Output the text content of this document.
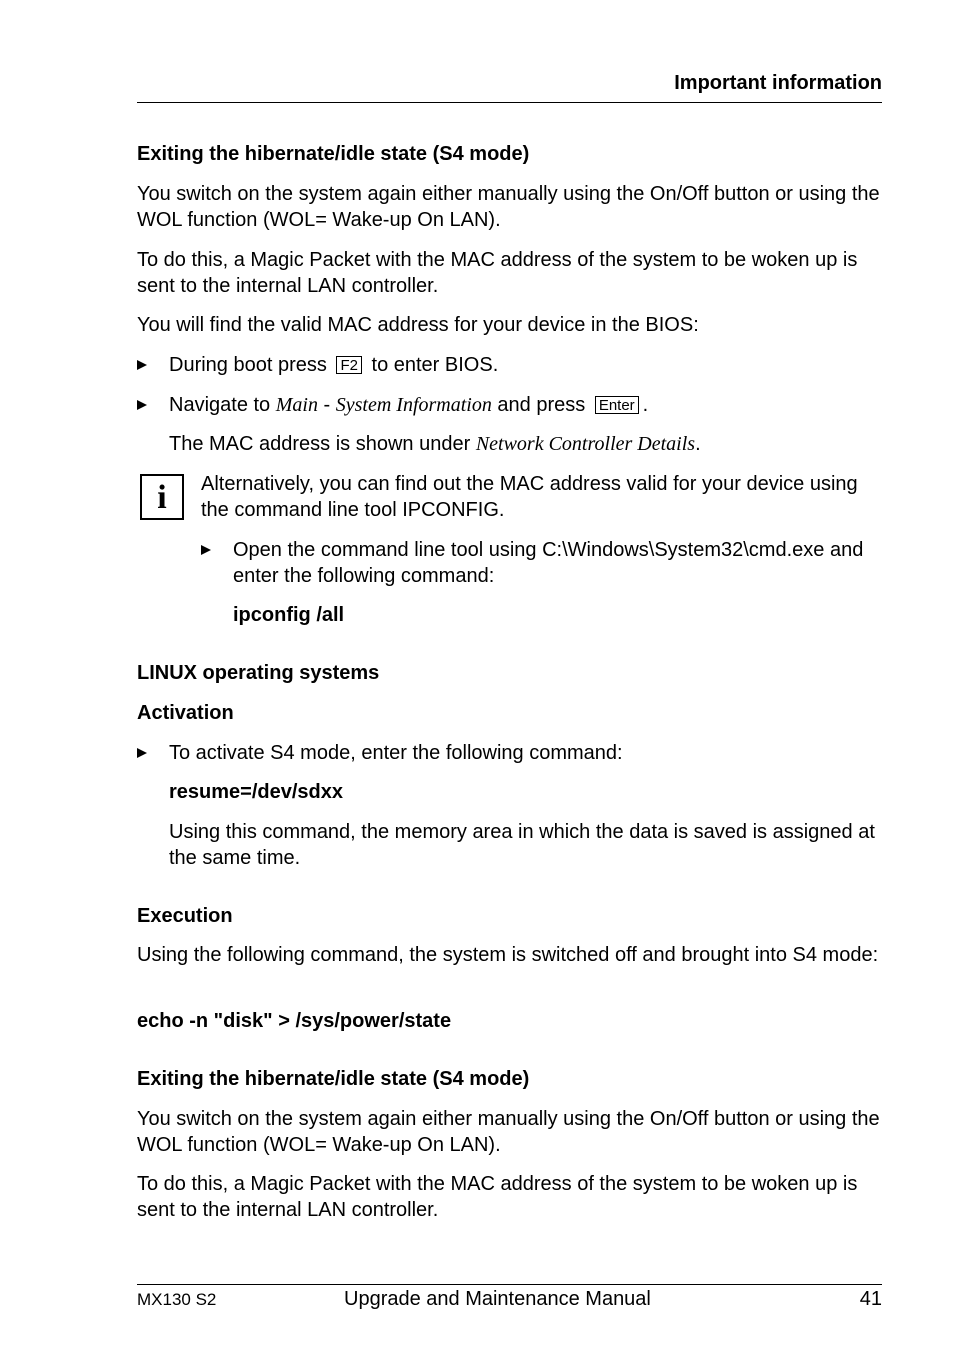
Important information
Exiting the hibernate/idle state (S4 mode)
You switch on the system again either manually using the On/Off button or using the WOL function (WOL= Wake-up On LAN).
To do this, a Magic Packet with the MAC address of the system to be woken up is sent to the internal LAN controller.
You will find the valid MAC address for your device in the BIOS:
During boot press F2 to enter BIOS.
Navigate to Main - System Information and press Enter .
The MAC address is shown under Network Controller Details.
i	Alternatively, you can find out the MAC address valid for your device using the command line tool IPCONFIG.
Open the command line tool using C:\Windows\System32\cmd.exe and enter the following command:
ipconfig /all
LINUX operating systems
Activation
To activate S4 mode, enter the following command:
resume=/dev/sdxx
Using this command, the memory area in which the data is saved is assigned at the same time.
Execution
Using the following command, the system is switched off and brought into S4 mode:
echo -n "disk" > /sys/power/state
Exiting the hibernate/idle state (S4 mode)
You switch on the system again either manually using the On/Off button or using the WOL function (WOL= Wake-up On LAN).
To do this, a Magic Packet with the MAC address of the system to be woken up is sent to the internal LAN controller.
MX130 S2	Upgrade and Maintenance Manual	41
